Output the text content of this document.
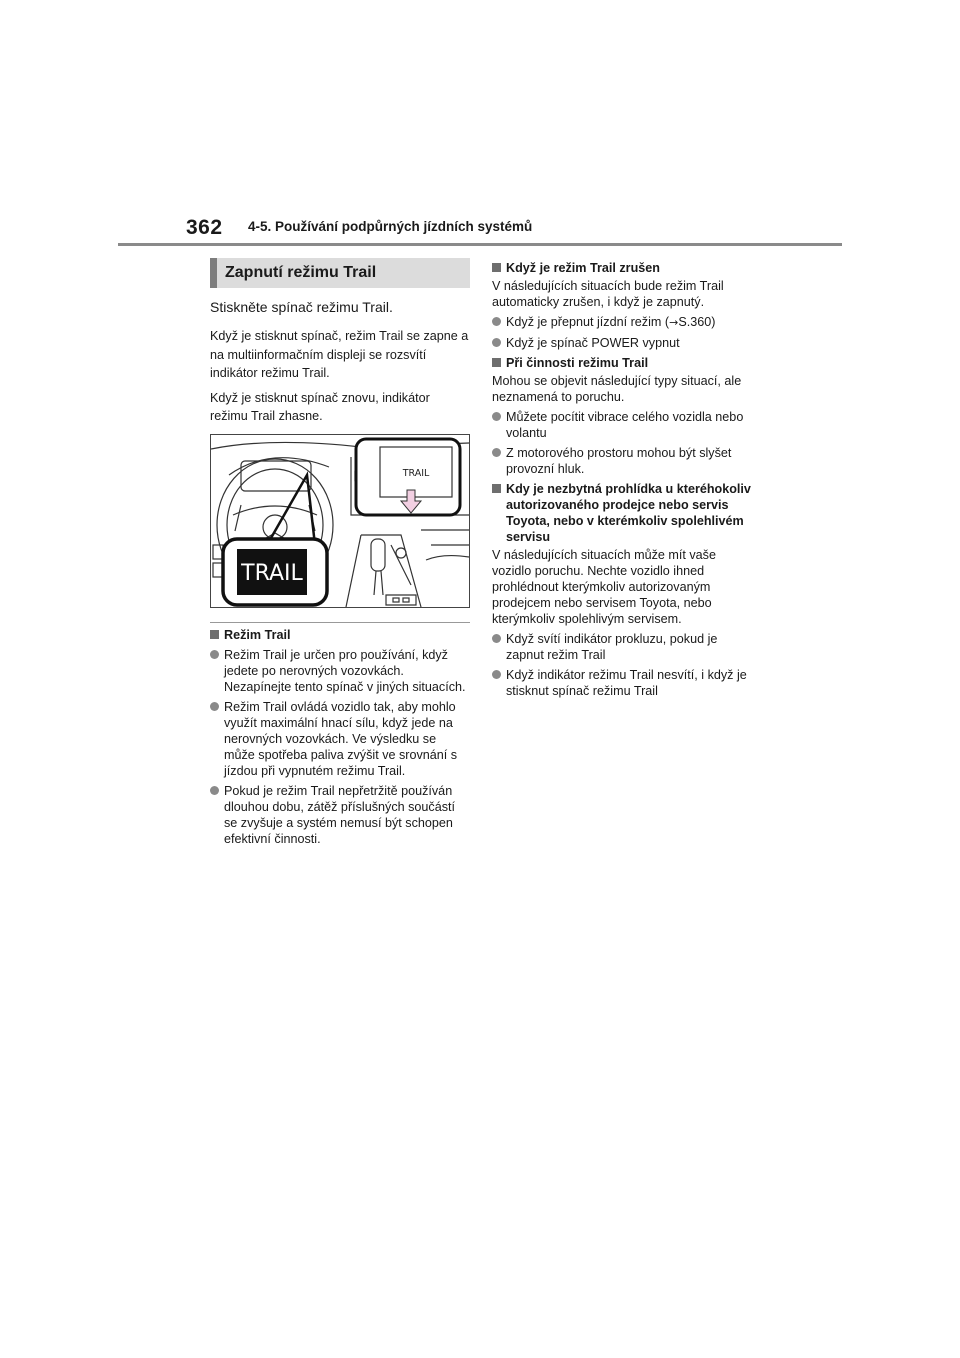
362 4-5. Používání podpůrných jízdních systémů
Zapnutí režimu Trail

Stiskněte spínač režimu Trail.

Když je stisknut spínač, režim Trail se zapne a na multiinformačním displeji se rozsvítí indikátor režimu Trail.

Když je stisknut spínač znovu, indikátor režimu Trail zhasne.

TRAIL
TRAIL
Režim Trail
Režim Trail je určen pro používání, když jedete po nerovných vozovkách. Nezapínejte tento spínač v jiných situacích.
Režim Trail ovládá vozidlo tak, aby mohlo využít maximální hnací sílu, když jede na nerovných vozovkách. Ve výsledku se může spotřeba paliva zvýšit ve srovnání s jízdou při vypnutém režimu Trail.
Pokud je režim Trail nepřetržitě používán dlouhou dobu, zátěž příslušných součástí se zvyšuje a systém nemusí být schopen efektivní činnosti.
Když je režim Trail zrušen

V následujících situacích bude režim Trail automaticky zrušen, i když je zapnutý.

Když je přepnut jízdní režim (→S.360)
Když je spínač POWER vypnut
Při činnosti režimu Trail

Mohou se objevit následující typy situací, ale neznamená to poruchu.

Můžete pocítit vibrace celého vozidla nebo volantu
Z motorového prostoru mohou být slyšet provozní hluk.
Kdy je nezbytná prohlídka u kteréhokoliv autorizovaného prodejce nebo servis Toyota, nebo v kterémkoliv spolehlivém servisu

V následujících situacích může mít vaše vozidlo poruchu. Nechte vozidlo ihned prohlédnout kterýmkoliv autorizovaným prodejcem nebo servisem Toyota, nebo kterýmkoliv spolehlivým servisem.

Když svítí indikátor prokluzu, pokud je zapnut režim Trail
Když indikátor režimu Trail nesvítí, i když je stisknut spínač režimu Trail
